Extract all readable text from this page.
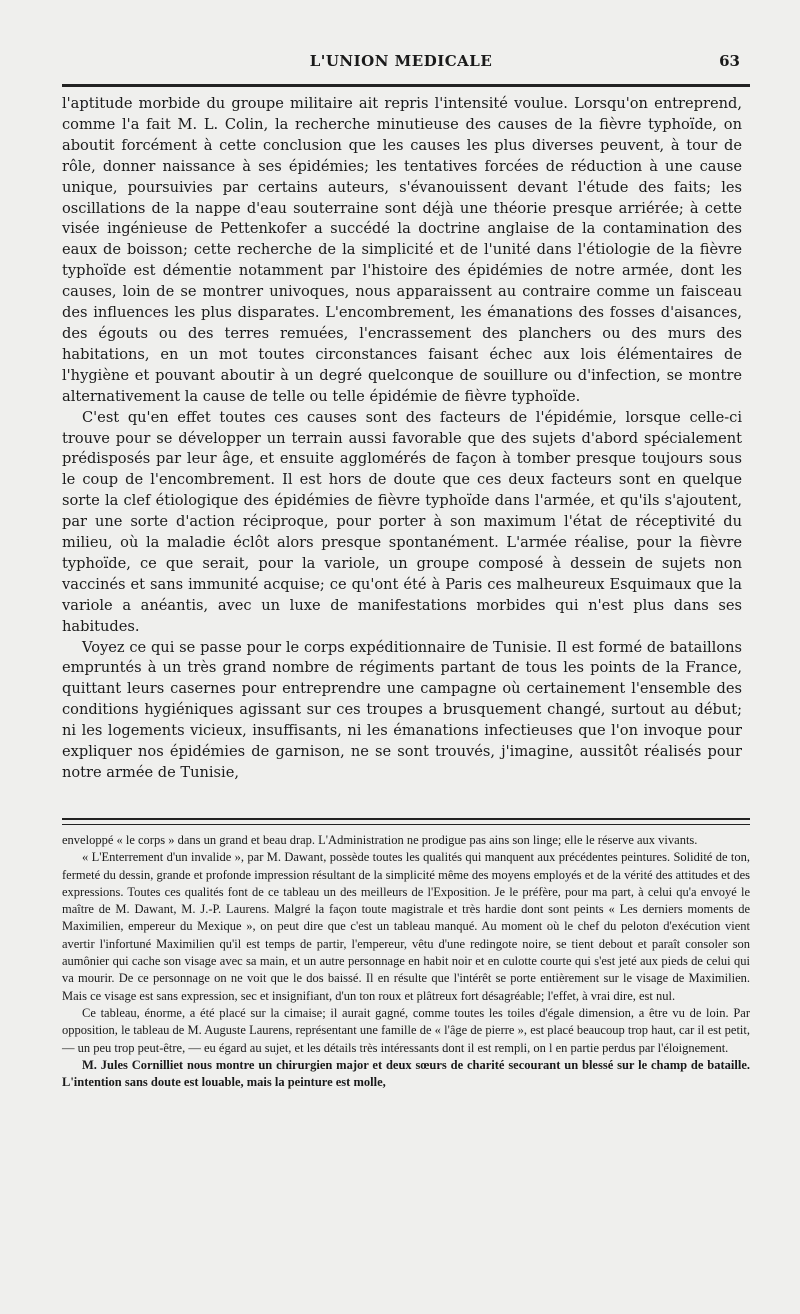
L'UNION MEDICALE	63

l'aptitude morbide du groupe militaire ait repris l'intensité voulue. Lorsqu'on entreprend, comme l'a fait M. L. Colin, la recherche minutieuse des causes de la fièvre typhoïde, on aboutit forcément à cette conclusion que les causes les plus diverses peuvent, à tour de rôle, donner naissance à ses épidémies; les tentatives forcées de réduction à une cause unique, poursuivies par certains auteurs, s'évanouissent devant l'étude des faits; les oscillations de la nappe d'eau souterraine sont déjà une théorie presque arriérée; à cette visée ingénieuse de Pettenkofer a succédé la doctrine anglaise de la contamination des eaux de boisson; cette recherche de la simplicité et de l'unité dans l'étiologie de la fièvre typhoïde est démentie notamment par l'histoire des épidémies de notre armée, dont les causes, loin de se montrer univoques, nous apparaissent au contraire comme un faisceau des influences les plus disparates. L'encombrement, les émanations des fosses d'aisances, des égouts ou des terres remuées, l'encrassement des planchers ou des murs des habitations, en un mot toutes circonstances faisant échec aux lois élémentaires de l'hygiène et pouvant aboutir à un degré quelconque de souillure ou d'infection, se montre alternativement la cause de telle ou telle épidémie de fièvre typhoïde.

C'est qu'en effet toutes ces causes sont des facteurs de l'épidémie, lorsque celle-ci trouve pour se développer un terrain aussi favorable que des sujets d'abord spécialement prédisposés par leur âge, et ensuite agglomérés de façon à tomber presque toujours sous le coup de l'encombrement. Il est hors de doute que ces deux facteurs sont en quelque sorte la clef étiologique des épidémies de fièvre typhoïde dans l'armée, et qu'ils s'ajoutent, par une sorte d'action réciproque, pour porter à son maximum l'état de réceptivité du milieu, où la maladie éclôt alors presque spontanément. L'armée réalise, pour la fièvre typhoïde, ce que serait, pour la variole, un groupe composé à dessein de sujets non vaccinés et sans immunité acquise; ce qu'ont été à Paris ces malheureux Esquimaux que la variole a anéantis, avec un luxe de manifestations morbides qui n'est plus dans ses habitudes.

Voyez ce qui se passe pour le corps expéditionnaire de Tunisie. Il est formé de bataillons empruntés à un très grand nombre de régiments partant de tous les points de la France, quittant leurs casernes pour entreprendre une campagne où certainement l'ensemble des conditions hygiéniques agissant sur ces troupes a brusquement changé, surtout au début; ni les logements vicieux, insuffisants, ni les émanations infectieuses que l'on invoque pour expliquer nos épidémies de garnison, ne se sont trouvés, j'imagine, aussitôt réalisés pour notre armée de Tunisie,

enveloppé « le corps » dans un grand et beau drap. L'Administration ne prodigue pas ains son linge; elle le réserve aux vivants.

« L'Enterrement d'un invalide », par M. Dawant, possède toutes les qualités qui manquent aux précédentes peintures. Solidité de ton, fermeté du dessin, grande et profonde impression résultant de la simplicité même des moyens employés et de la vérité des attitudes et des expressions. Toutes ces qualités font de ce tableau un des meilleurs de l'Exposition. Je le préfère, pour ma part, à celui qu'a envoyé le maître de M. Dawant, M. J.-P. Laurens. Malgré la façon toute magistrale et très hardie dont sont peints « Les derniers moments de Maximilien, empereur du Mexique », on peut dire que c'est un tableau manqué. Au moment où le chef du peloton d'exécution vient avertir l'infortuné Maximilien qu'il est temps de partir, l'empereur, vêtu d'une redingote noire, se tient debout et paraît consoler son aumônier qui cache son visage avec sa main, et un autre personnage en habit noir et en culotte courte qui s'est jeté aux pieds de celui qui va mourir. De ce personnage on ne voit que le dos baissé. Il en résulte que l'intérêt se porte entièrement sur le visage de Maximilien. Mais ce visage est sans expression, sec et insignifiant, d'un ton roux et plâtreux fort désagréable; l'effet, à vrai dire, est nul.

Ce tableau, énorme, a été placé sur la cimaise; il aurait gagné, comme toutes les toiles d'égale dimension, a être vu de loin. Par opposition, le tableau de M. Auguste Laurens, représentant une famille de « l'âge de pierre », est placé beaucoup trop haut, car il est petit, — un peu trop peut-être, — eu égard au sujet, et les détails très intéressants dont il est rempli, on l en partie perdus par l'éloignement.

M. Jules Cornilliet nous montre un chirurgien major et deux sœurs de charité secourant un blessé sur le champ de bataille. L'intention sans doute est louable, mais la peinture est molle,
